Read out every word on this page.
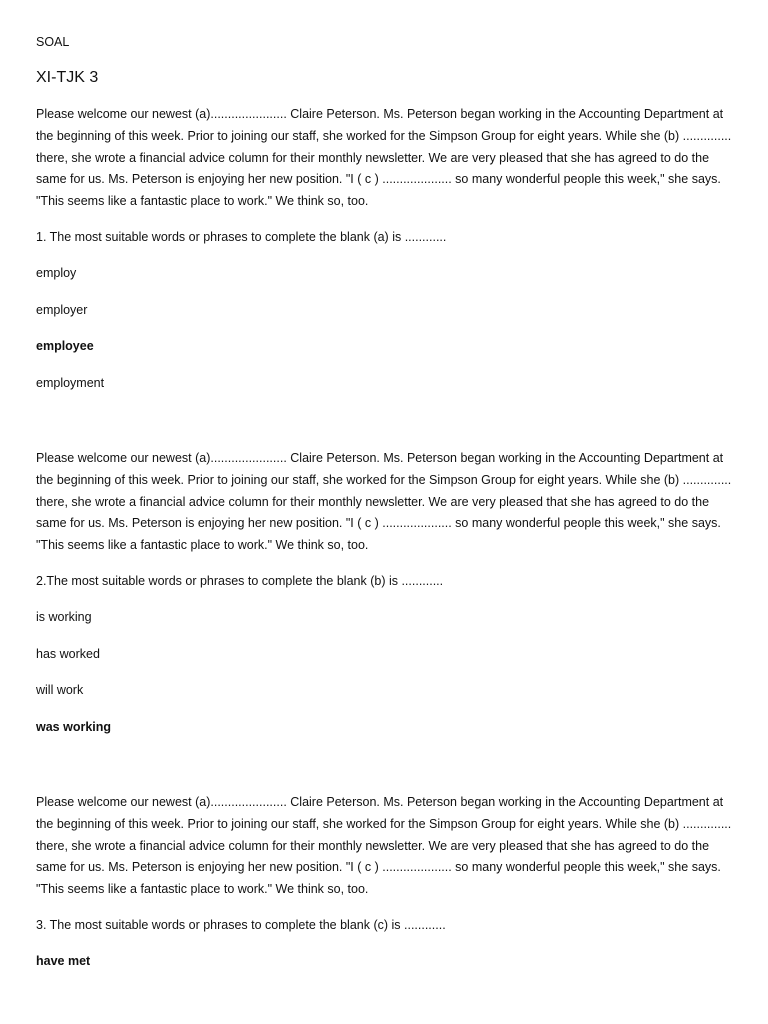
SOAL

XI-TJK 3

Please welcome our newest (a)...................... Claire Peterson. Ms. Peterson began working in the Accounting Department at the beginning of this week. Prior to joining our staff, she worked for the Simpson Group for eight years. While she (b) .............. there, she wrote a financial advice column for their monthly newsletter. We are very pleased that she has agreed to do the same for us. Ms. Peterson is enjoying her new position. "I ( c ) .................... so many wonderful people this week," she says. "This seems like a fantastic place to work." We think so, too.

1. The most suitable words or phrases to complete the blank (a) is ............

employ

employer

employee

employment

Please welcome our newest (a)...................... Claire Peterson. Ms. Peterson began working in the Accounting Department at the beginning of this week. Prior to joining our staff, she worked for the Simpson Group for eight years. While she (b) .............. there, she wrote a financial advice column for their monthly newsletter. We are very pleased that she has agreed to do the same for us. Ms. Peterson is enjoying her new position. "I ( c ) .................... so many wonderful people this week," she says. "This seems like a fantastic place to work." We think so, too.

2.The most suitable words or phrases to complete the blank (b) is ............

is working

has worked

will work

was working

Please welcome our newest (a)...................... Claire Peterson. Ms. Peterson began working in the Accounting Department at the beginning of this week. Prior to joining our staff, she worked for the Simpson Group for eight years. While she (b) .............. there, she wrote a financial advice column for their monthly newsletter. We are very pleased that she has agreed to do the same for us. Ms. Peterson is enjoying her new position. "I ( c ) .................... so many wonderful people this week," she says. "This seems like a fantastic place to work." We think so, too.

3. The most suitable words or phrases to complete the blank (c) is ............

have met
